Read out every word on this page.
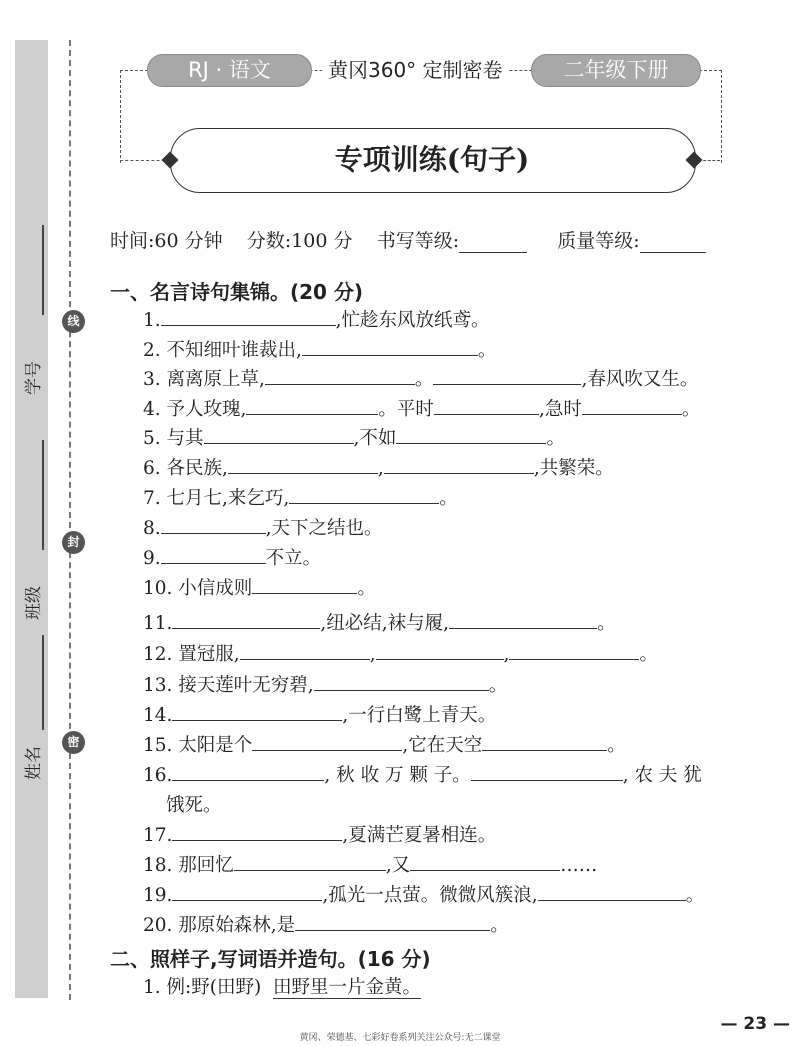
学号
班级
姓名
线
封
密
RJ · 语文	黄冈360° 定制密卷	二年级下册
专项训练(句子)
时间:60 分钟 分数:100 分 书写等级:	质量等级:
一、名言诗句集锦。(20 分)
1.	,忙趁东风放纸鸢。
2. 不知细叶谁裁出,	。
3. 离离原上草,	。	,春风吹又生。
4. 予人玫瑰,	。平时	,急时	。
5. 与其	,不如	。
6. 各民族,	,	,共繁荣。
7. 七月七,来乞巧,	。
8.	,天下之结也。
9.	不立。
10. 小信成则	。
11.	,纽必结,袜与履,	。
12. 置冠服,	,	,	。
13. 接天莲叶无穷碧,	。
14.	,一行白鹭上青天。
15. 太阳是个	,它在天空	。
16.	, 秋 收 万 颗 子。	, 农 夫 犹
饿死。
17.	,夏满芒夏暑相连。
18. 那回忆	,又	……
19.	,孤光一点萤。微微风簇浪,	。
20. 那原始森林,是	。
二、照样子,写词语并造句。(16 分)
1. 例:野(田野) 田野里一片金黄。
— 23 —
黄冈、荣德基、七彩好卷系列关注公众号:无二课堂
